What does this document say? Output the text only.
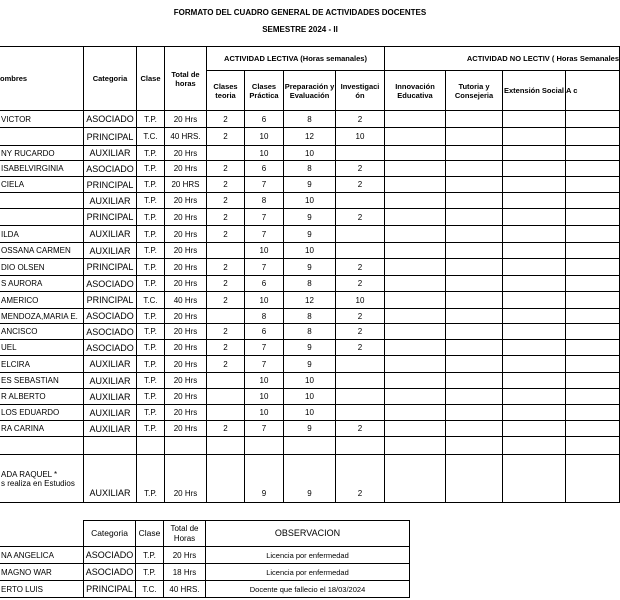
FORMATO DEL CUADRO GENERAL DE ACTIVIDADES DOCENTES
SEMESTRE 2024 - II
ombres	Categoria	Clase	Total de horas	ACTIVIDAD LECTIVA (Horas semanales)				ACTIVIDAD NO LECTIV ( Horas Semanales			
				Clases teoria	Clases Práctica	Preparación y Evaluación	Investigaci ón	Innovación Educativa	Tutoria y Consejeria	Extensión Social	A c
VICTOR	ASOCIADO	T.P.	20 Hrs	2	6	8	2				
	PRINCIPAL	T.C.	40 HRS.	2	10	12	10				
NY RUCARDO	AUXILIAR	T.P.	20 Hrs		10	10					
ISABELVIRGINIA	ASOCIADO	T.P.	20 Hrs	2	6	8	2				
CIELA	PRINCIPAL	T.P.	20 HRS	2	7	9	2				
	AUXILIAR	T.P.	20 Hrs	2	8	10					
	PRINCIPAL	T.P.	20 Hrs	2	7	9	2				
ILDA	AUXILIAR	T.P.	20 Hrs	2	7	9					
OSSANA CARMEN	AUXILIAR	T.P.	20 Hrs		10	10					
DIO OLSEN	PRINCIPAL	T.P.	20 Hrs	2	7	9	2				
S AURORA	ASOCIADO	T.P.	20 Hrs	2	6	8	2				
AMERICO	PRINCIPAL	T.C.	40 Hrs	2	10	12	10				
MENDOZA,MARIA E.	ASOCIADO	T.P.	20 Hrs		8	8	2				
ANCISCO	ASOCIADO	T.P.	20 Hrs	2	6	8	2				
UEL	ASOCIADO	T.P.	20 Hrs	2	7	9	2				
ELCIRA	AUXILIAR	T.P.	20 Hrs	2	7	9					
ES SEBASTIAN	AUXILIAR	T.P.	20 Hrs		10	10					
R ALBERTO	AUXILIAR	T.P.	20 Hrs		10	10					
LOS EDUARDO	AUXILIAR	T.P.	20 Hrs		10	10					
RA CARINA	AUXILIAR	T.P.	20 Hrs	2	7	9	2				

ADA RAQUEL *
s realiza en Estudios	AUXILIAR	T.P.	20 Hrs		9	9	2				
	Categoria	Clase	Total de Horas	OBSERVACION
NA ANGELICA	ASOCIADO	T.P.	20 Hrs	Licencia por enfermedad
MAGNO WAR	ASOCIADO	T.P.	18 Hrs	Licencia por enfermedad
ERTO LUIS	PRINCIPAL	T.C.	40 HRS.	Docente que fallecio el 18/03/2024
